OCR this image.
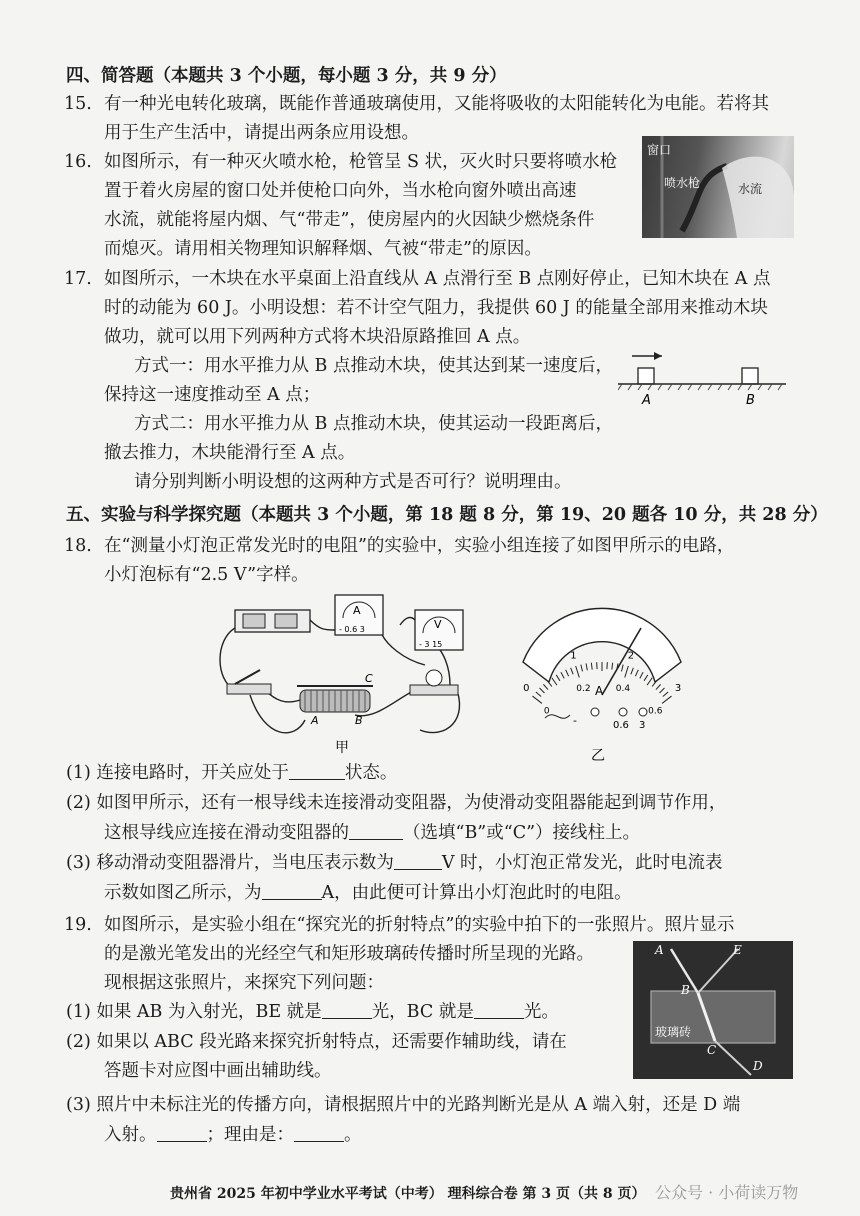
四、简答题（本题共 3 个小题，每小题 3 分，共 9 分）
15. 有一种光电转化玻璃，既能作普通玻璃使用，又能将吸收的太阳能转化为电能。若将其
用于生产生活中，请提出两条应用设想。
16. 如图所示，有一种灭火喷水枪，枪管呈 S 状，灭火时只要将喷水枪
置于着火房屋的窗口处并使枪口向外，当水枪向窗外喷出高速
水流，就能将屋内烟、气“带走”，使房屋内的火因缺少燃烧条件
而熄灭。请用相关物理知识解释烟、气被“带走”的原因。
窗口
喷水枪	水流
17. 如图所示，一木块在水平桌面上沿直线从 A 点滑行至 B 点刚好停止，已知木块在 A 点
时的动能为 60 J。小明设想：若不计空气阻力，我提供 60 J 的能量全部用来推动木块
做功，就可以用下列两种方式将木块沿原路推回 A 点。
方式一：用水平推力从 B 点推动木块，使其达到某一速度后，
保持这一速度推动至 A 点；
方式二：用水平推力从 B 点推动木块，使其运动一段距离后，
撤去推力，木块能滑行至 A 点。
请分别判断小明设想的这两种方式是否可行？说明理由。
A	B
五、实验与科学探究题（本题共 3 个小题，第 18 题 8 分，第 19、20 题各 10 分，共 28 分）
18. 在“测量小灯泡正常发光时的电阻”的实验中，实验小组连接了如图甲所示的电路，
小灯泡标有“2.5 V”字样。
A
- 0.6 3	V
- 3 15
A	B
C
甲
A
0
1	2
3
0
0.2	0.4
0.6
-	0.6 3
乙
(1) 连接电路时，开关应处于	状态。
(2) 如图甲所示，还有一根导线未连接滑动变阻器，为使滑动变阻器能起到调节作用，
这根导线应连接在滑动变阻器的	（选填“B”或“C”）接线柱上。
(3) 移动滑动变阻器滑片，当电压表示数为	V 时，小灯泡正常发光，此时电流表
示数如图乙所示，为	A，由此便可计算出小灯泡此时的电阻。
19. 如图所示，是实验小组在“探究光的折射特点”的实验中拍下的一张照片。照片显示
的是激光笔发出的光经空气和矩形玻璃砖传播时所呈现的光路。
现根据这张照片，来探究下列问题：
(1) 如果 AB 为入射光，BE 就是	光，BC 就是	光。
(2) 如果以 ABC 段光路来探究折射特点，还需要作辅助线，请在
答题卡对应图中画出辅助线。
(3) 照片中未标注光的传播方向，请根据照片中的光路判断光是从 A 端入射，还是 D 端
入射。	；理由是：	。
A	E
B
玻璃砖
C
D
贵州省 2025 年初中学业水平考试（中考） 理科综合卷 第 3 页（共 8 页） 公众号 · 小荷读万物
